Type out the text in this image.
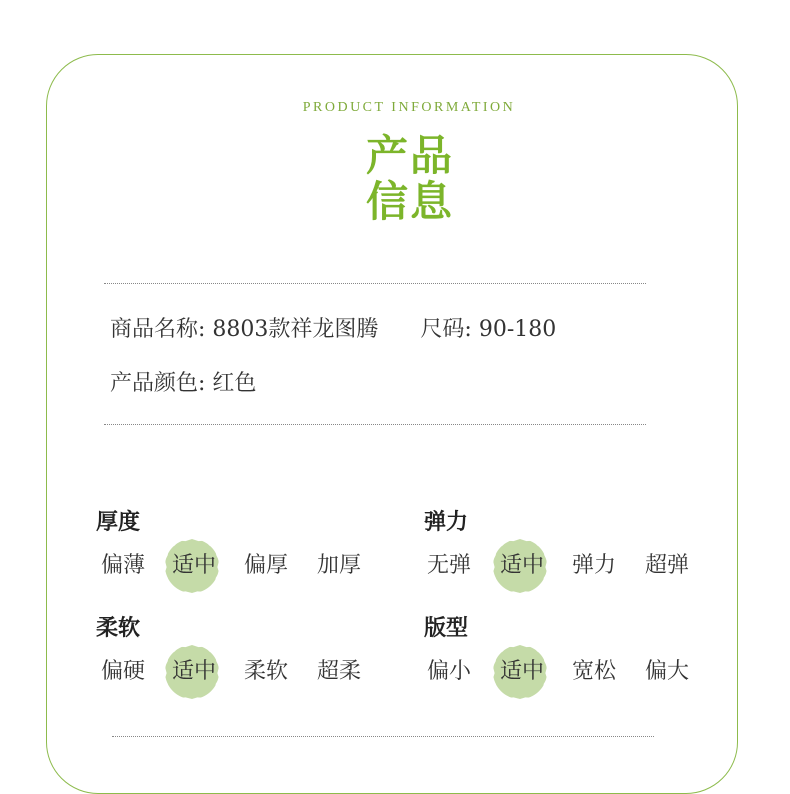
PRODUCT INFORMATION
产品
信息
商品名称: 8803款祥龙图腾 尺码: 90-180
产品颜色: 红色
厚度
偏薄	适中	偏厚	加厚
弹力
无弹	适中	弹力	超弹
柔软
偏硬	适中	柔软	超柔
版型
偏小	适中	宽松	偏大
